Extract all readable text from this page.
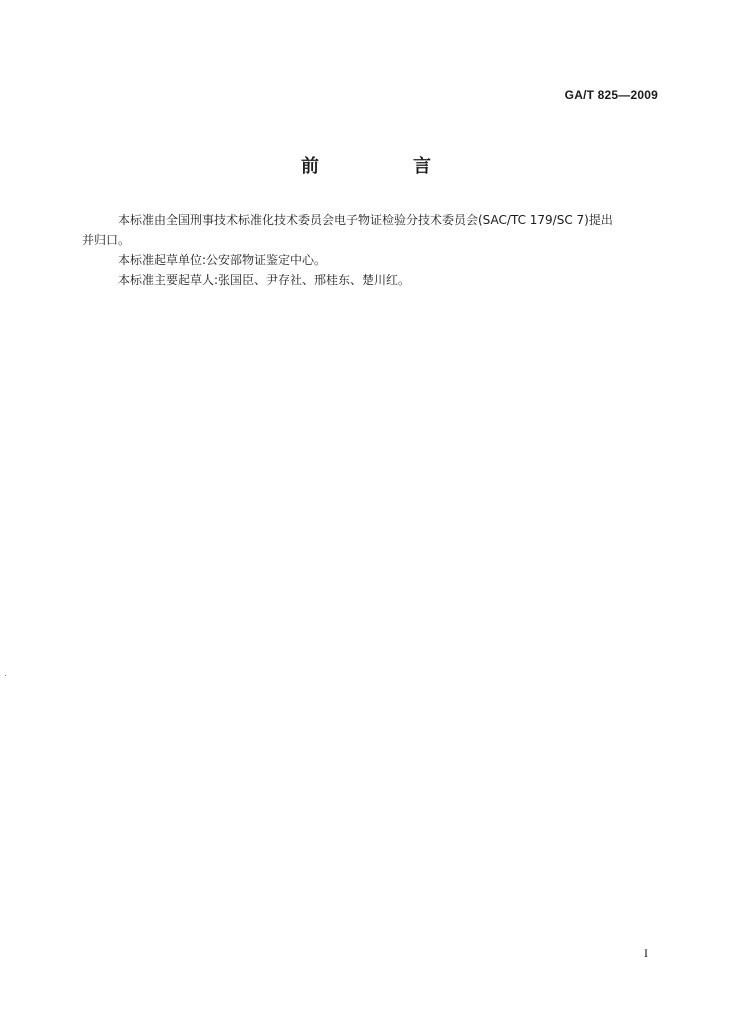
GA/T 825—2009
前　言

本标准由全国刑事技术标准化技术委员会电子物证检验分技术委员会(SAC/TC 179/SC 7)提出
并归口。

本标准起草单位:公安部物证鉴定中心。

本标准主要起草人:张国臣、尹存社、邢桂东、楚川红。

I
